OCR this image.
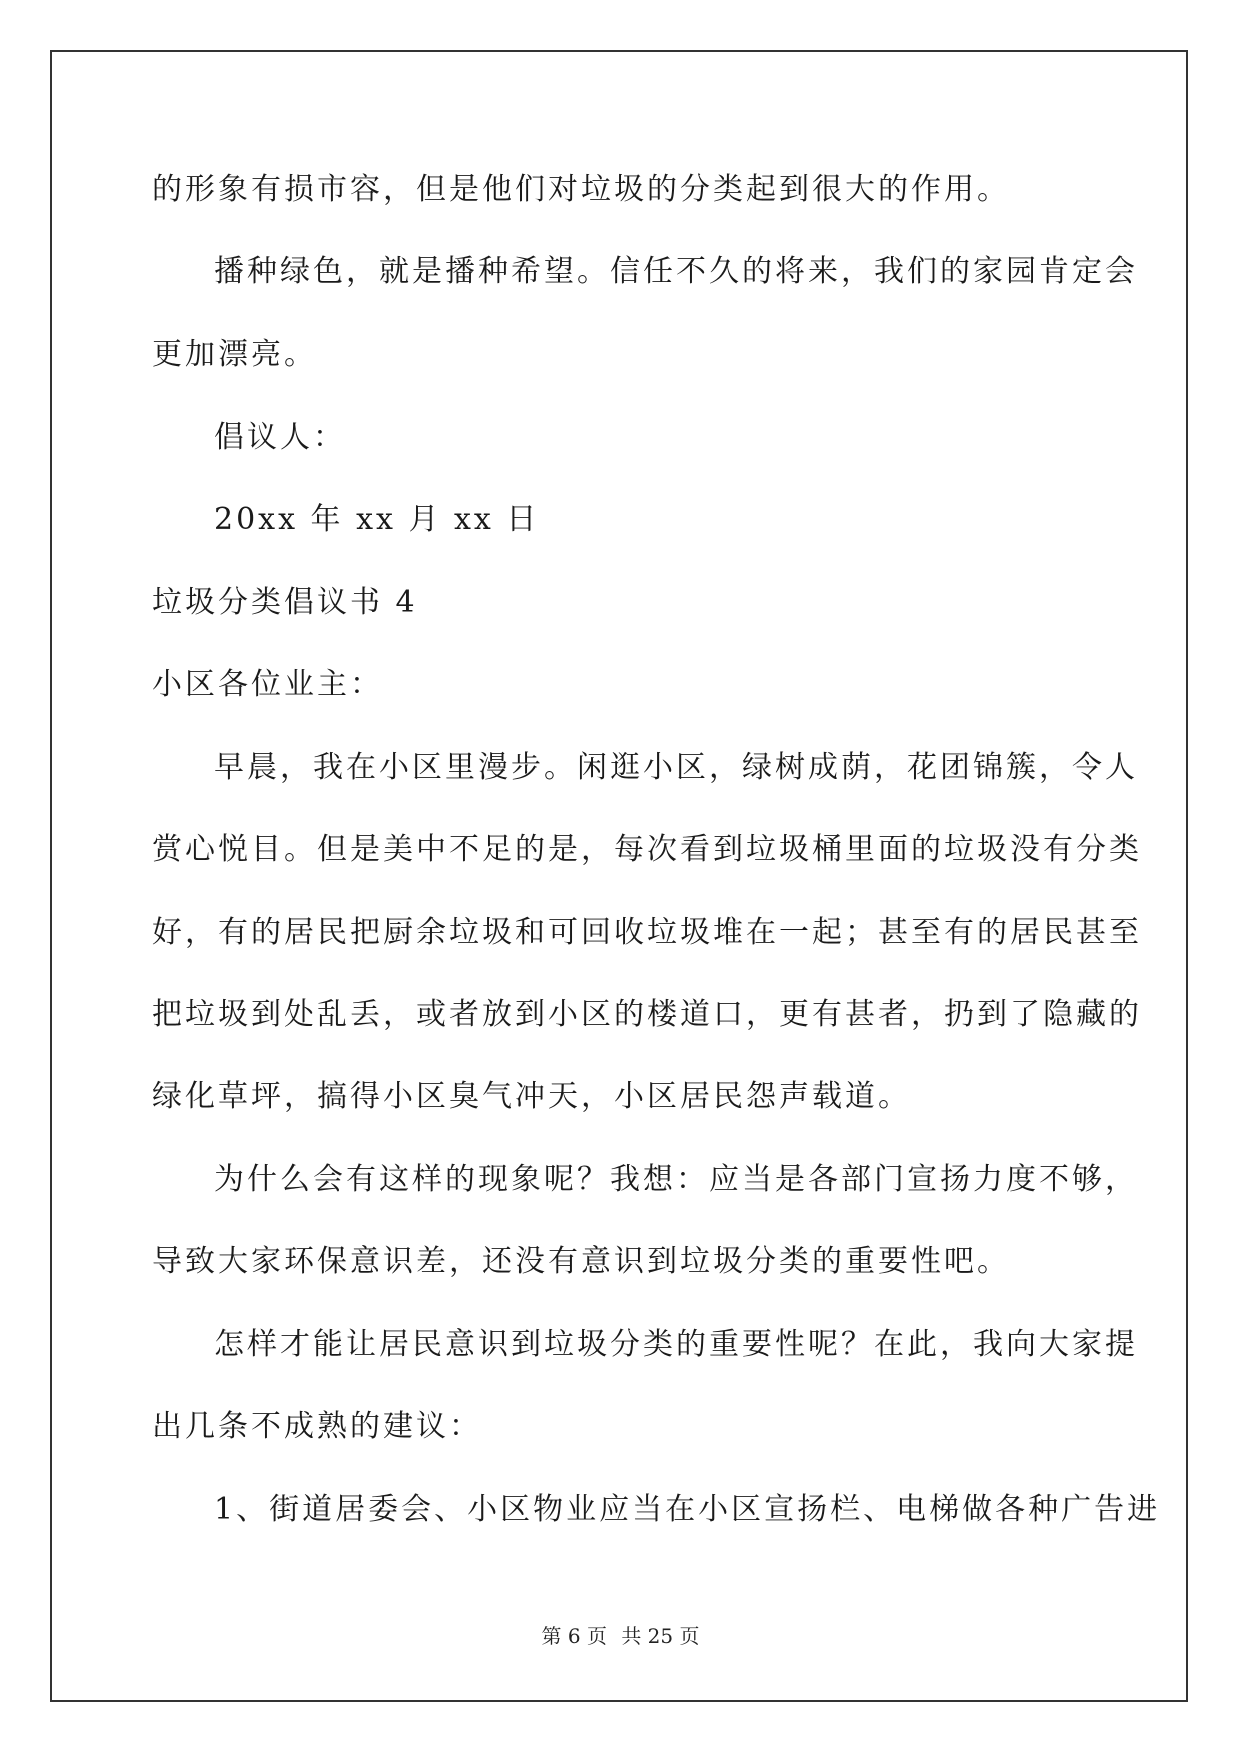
的形象有损市容，但是他们对垃圾的分类起到很大的作用。
播种绿色，就是播种希望。信任不久的将来，我们的家园肯定会
更加漂亮。
倡议人：
20xx 年 xx 月 xx 日
垃圾分类倡议书 4
小区各位业主：
早晨，我在小区里漫步。闲逛小区，绿树成荫，花团锦簇，令人
赏心悦目。但是美中不足的是，每次看到垃圾桶里面的垃圾没有分类
好，有的居民把厨余垃圾和可回收垃圾堆在一起；甚至有的居民甚至
把垃圾到处乱丢，或者放到小区的楼道口，更有甚者，扔到了隐藏的
绿化草坪，搞得小区臭气冲天，小区居民怨声载道。
为什么会有这样的现象呢？我想：应当是各部门宣扬力度不够，
导致大家环保意识差，还没有意识到垃圾分类的重要性吧。
怎样才能让居民意识到垃圾分类的重要性呢？在此，我向大家提
出几条不成熟的建议：
1、街道居委会、小区物业应当在小区宣扬栏、电梯做各种广告进
第 6 页 共 25 页
